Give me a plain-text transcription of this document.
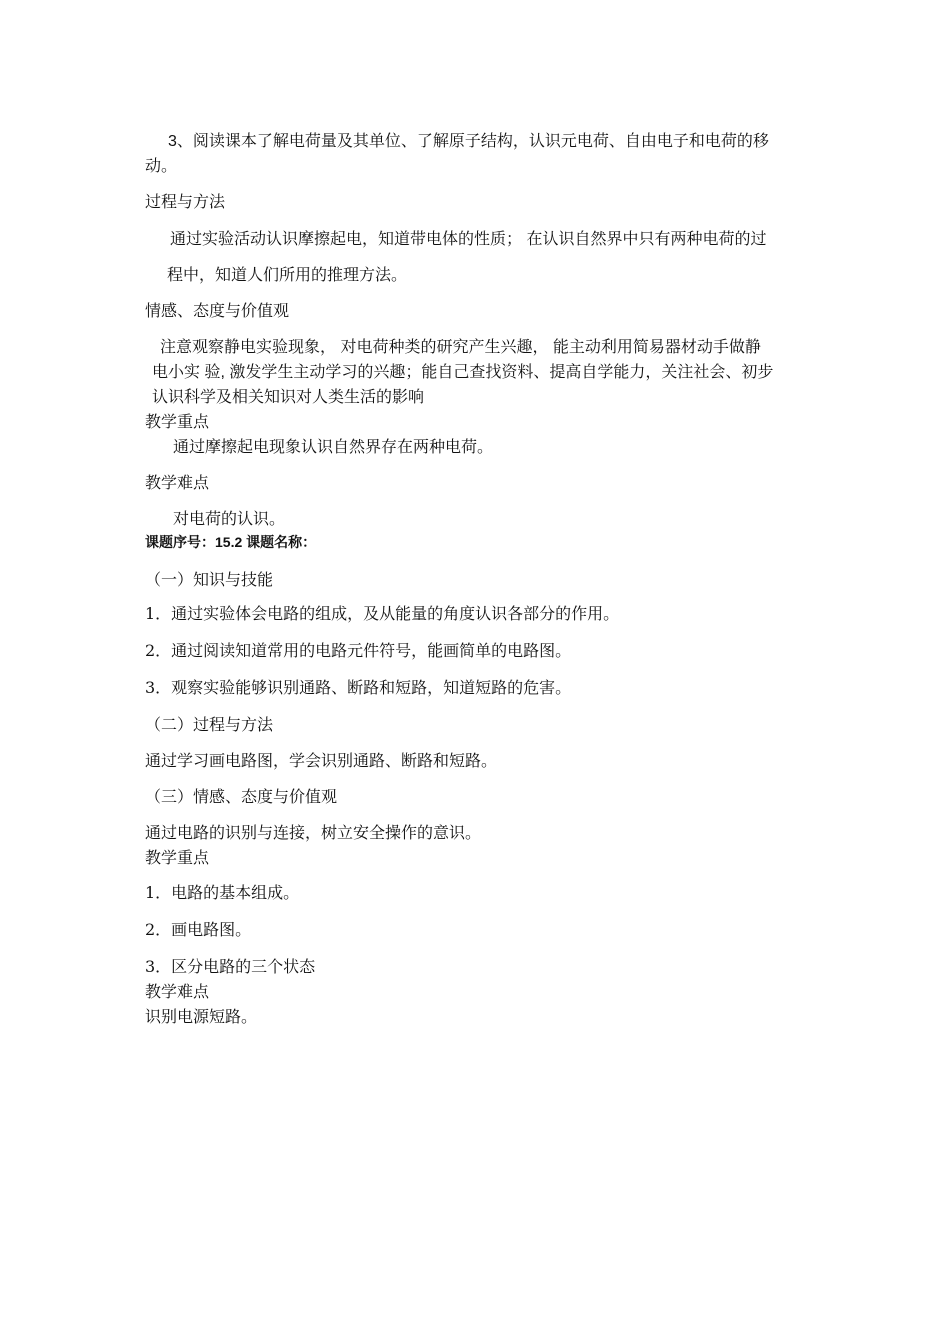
3、阅读课本了解电荷量及其单位、了解原子结构，认识元电荷、自由电子和电荷的移

动。

过程与方法

通过实验活动认识摩擦起电，知道带电体的性质； 在认识自然界中只有两种电荷的过

程中，知道人们所用的推理方法。

情感、态度与价值观

注意观察静电实验现象， 对电荷种类的研究产生兴趣， 能主动利用简易器材动手做静

电小实 验, 激发学生主动学习的兴趣；能自己查找资料、提高自学能力，关注社会、初步

认识科学及相关知识对人类生活的影响

教学重点

通过摩擦起电现象认识自然界存在两种电荷。

教学难点

对电荷的认识。

课题序号：15.2 课题名称：

（一）知识与技能

1．通过实验体会电路的组成，及从能量的角度认识各部分的作用。

2．通过阅读知道常用的电路元件符号，能画简单的电路图。

3．观察实验能够识别通路、断路和短路，知道短路的危害。

（二）过程与方法

通过学习画电路图，学会识别通路、断路和短路。

（三）情感、态度与价值观

通过电路的识别与连接，树立安全操作的意识。

教学重点

1．电路的基本组成。

2．画电路图。

3．区分电路的三个状态

教学难点

识别电源短路。
